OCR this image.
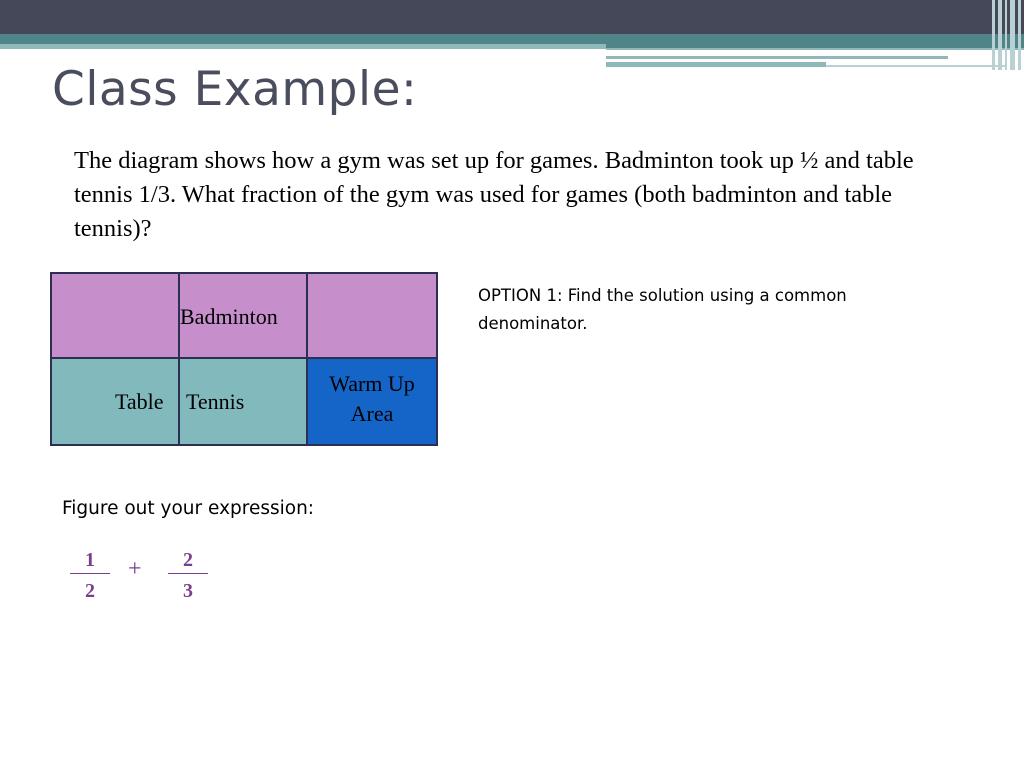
Class Example:

The diagram shows how a gym was set up for games. Badminton took up ½ and table tennis 1/3. What fraction of the gym was used for games (both badminton and table tennis)?

Badminton
Table Tennis
Warm Up Area

OPTION 1: Find the solution using a common denominator.

Figure out your expression:

$\frac{1}{2} + \frac{2}{3}$
